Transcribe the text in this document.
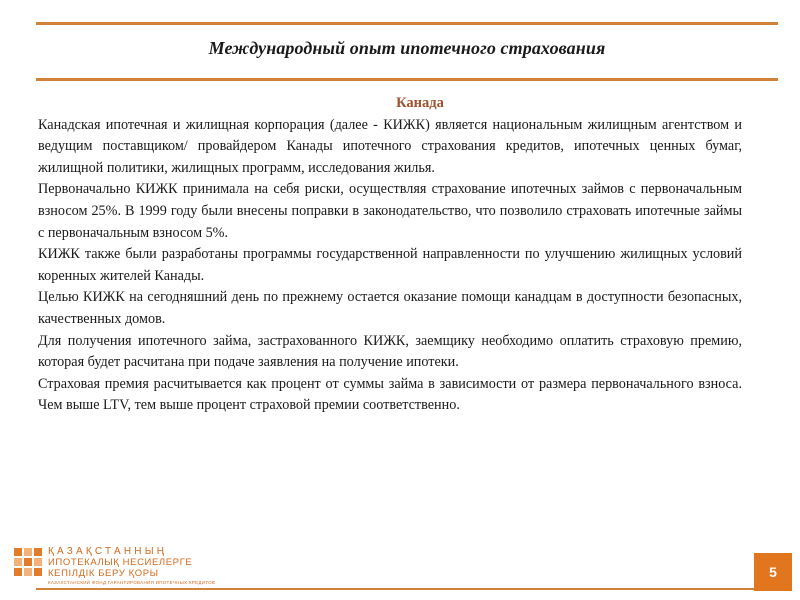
Международный опыт ипотечного страхования
Канада

Канадская ипотечная и жилищная корпорация (далее - КИЖК) является национальным жилищным агентством и ведущим поставщиком/ провайдером Канады ипотечного страхования кредитов, ипотечных ценных бумаг, жилищной политики, жилищных программ, исследования жилья.

Первоначально КИЖК принимала на себя риски, осуществляя страхование ипотечных займов с первоначальным взносом 25%. В 1999 году были внесены поправки в законодательство, что позволило страховать ипотечные займы с первоначальным взносом 5%.

КИЖК также были разработаны программы государственной направленности по улучшению жилищных условий коренных жителей Канады.

Целью КИЖК на сегодняшний день по прежнему остается оказание помощи канадцам в доступности безопасных, качественных домов.

Для получения ипотечного займа, застрахованного КИЖК, заемщику необходимо оплатить страховую премию, которая будет расчитана при подаче заявления на получение ипотеки.

Страховая премия расчитывается как процент от суммы займа в зависимости от размера первоначального взноса. Чем выше LTV, тем выше процент страховой премии соответственно.

ҚАЗАҚСТАННЫҢ
ИПОТЕКАЛЫҚ НЕСИЕЛЕРГЕ
КЕПІЛДІК БЕРУ ҚОРЫ
КАЗАХСТАНСКИЙ ФОНД ГАРАНТИРОВАНИЯ ИПОТЕЧНЫХ КРЕДИТОВ
5
